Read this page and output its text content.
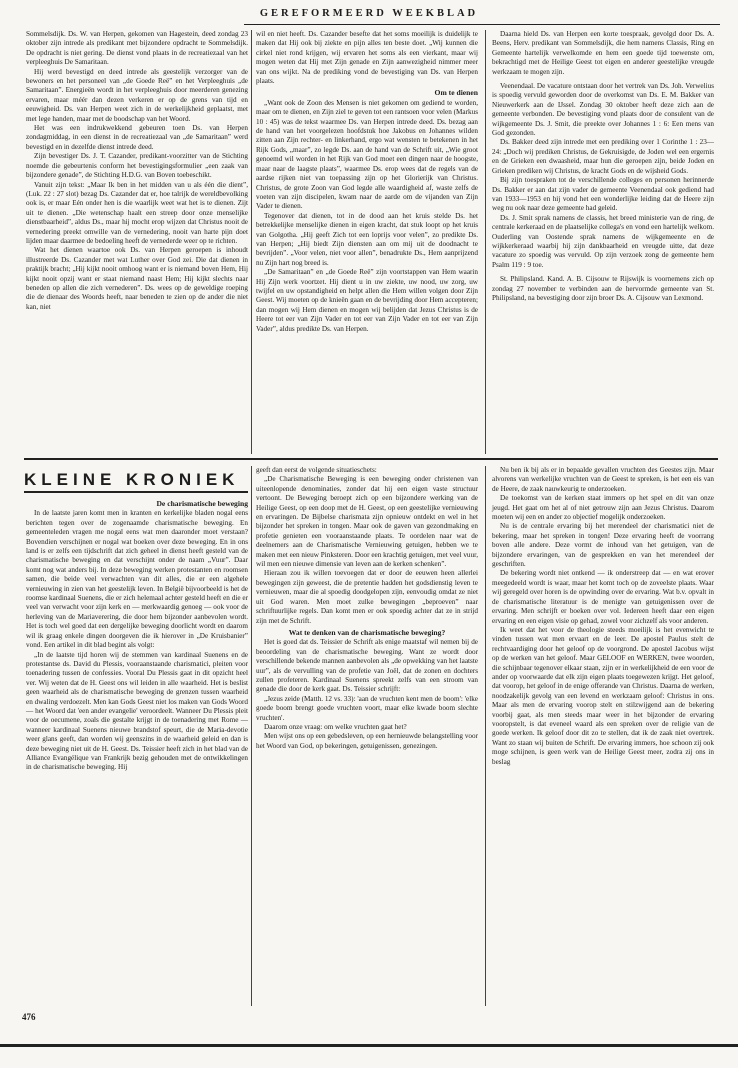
GEREFORMEERD WEEKBLAD

Sommelsdijk. Ds. W. van Herpen, gekomen van Hagestein, deed zondag 23 oktober zijn intrede als predikant met bijzondere opdracht te Sommelsdijk. De opdracht is niet gering. De dienst vond plaats in de recreatiezaal van het verpleeghuis De Samaritaan.

Hij werd bevestigd en deed intrede als geestelijk verzorger van de bewoners en het personeel van „de Goede Reë” en het Verpleeghuis „de Samaritaan”. Energieën wordt in het verpleeghuis door meerderen genezing ervaren, maar méér dan dezen verkeren er op de grens van tijd en eeuwigheid. Ds. van Herpen weet zich in de werkelijkheid geplaatst, met met lege handen, maar met de boodschap van het Woord.

Het was een indrukwekkend gebeuren toen Ds. van Herpen zondagmiddag, in een dienst in de recreatiezaal van „de Samaritaan” werd bevestigd en in dezelfde dienst intrede deed.

Zijn bevestiger Ds. J. T. Cazander, predikant-voorzitter van de Stichting noemde die gebeurtenis conform het bevestigingsformulier „een zaak van bijzondere genade”, de Stichting H.D.G. van Boven toebeschikt.

Vanuit zijn tekst: „Maar Ik ben in het midden van u als één die dient”, (Luk. 22 : 27 slot) bezag Ds. Cazander dat er, hoe talrijk de wereldbevolking ook is, er maar Eén onder hen is die waarlijk weet wat het is te dienen. Zijt uit te dienen. „Die wetenschap haalt een streep door onze menselijke dienstbaarheid”, aldus Ds., maar hij mocht erop wijzen dat Christus nooit de vernedering preekt omwille van de vernedering, nooit van harte pijn doet lijden maar daarmee de bedoeling heeft de vernederde weer op te richten.

Wat het dienen waartoe ook Ds. van Herpen geroepen is inhoudt illustreerde Ds. Cazander met wat Luther over God zei. Die dat dienen in praktijk bracht; „Hij kijkt nooit omhoog want er is niemand boven Hem, Hij kijkt nooit opzij want er staat niemand naast Hem; Hij kijkt slechts naar beneden op allen die zich vernederen”. Ds. wees op de geweldige roeping die de dienaar des Woords heeft, naar beneden te zien op de ander die niet kan, niet

wil en niet heeft. Ds. Cazander besefte dat het soms moeilijk is duidelijk te maken dat Hij ook bij ziekte en pijn alles ten beste doet. „Wij kunnen die cirkel niet rond krijgen, wij ervaren het soms als een vierkant, maar wij mogen weten dat Hij met Zijn genade en Zijn aanwezigheid nimmer meer van ons wijkt. Na de prediking vond de bevestiging van Ds. van Herpen plaats.

Om te dienen

„Want ook de Zoon des Mensen is niet gekomen om gediend te worden, maar om te dienen, en Zijn ziel te geven tot een rantsoen voor velen (Markus 10 : 45) was de tekst waarmee Ds. van Herpen intrede deed. Ds. bezag aan de hand van het voorgelezen hoofdstuk hoe Jakobus en Johannes wilden zitten aan Zijn rechter- en linkerhand, ergo wat wensten te betekenen in het Rijk Gods, „maar”, zo legde Ds. aan de hand van de Schrift uit, „Wie groot genoemd wil worden in het Rijk van God moet een dingen naar de hoogste, maar naar de laagste plaats”, waarmee Ds. erop wees dat de regels van de aardse rijken niet van toepassing zijn op het Glorierijk van Christus. Christus, de grote Zoon van God legde alle waardigheid af, waste zelfs de voeten van zijn discipelen, kwam naar de aarde om de vijanden van Zijn Vader te dienen.

Tegenover dat dienen, tot in de dood aan het kruis stelde Ds. het betrekkelijke menselijke dienen in eigen kracht, dat stuk loopt op het kruis van Golgotha. „Hij geeft Zich tot een loprijs voor velen”, zo predikte Ds. van Herpen; „Hij biedt Zijn diensten aan om mij uit de doodnacht te bevrijden”. „Voor velen, niet voor allen”, benadrukte Ds., Hem aanprijzend nu Zijn hart nog breed is.

„De Samaritaan” en „de Goede Reë” zijn voortstappen van Hem waarin Hij Zijn werk voortzet. Hij dient u in uw ziekte, uw nood, uw zorg, uw twijfel en uw opstandigheid en helpt allen die Hem willen volgen door Zijn Geest. Wij moeten op de knieën gaan en de bevrijding door Hem accepteren; dan mogen wij Hem dienen en mogen wij belijden dat Jezus Christus is de Heere tot eer van Zijn Vader en tot eer van Zijn Vader en tot eer van Zijn Vader”, aldus predikte Ds. van Herpen.

Daarna hield Ds. van Herpen een korte toespraak, gevolgd door Ds. A. Beens, Herv. predikant van Sommelsdijk, die hem namens Classis, Ring en Gemeente hartelijk verwelkomde en hem een goede tijd toewenste om, bekrachtigd met de Heilige Geest tot eigen en anderer geestelijke vreugde werkzaam te mogen zijn.

Veenendaal. De vacature ontstaan door het vertrek van Ds. Joh. Verwelius is spoedig vervuld geworden door de overkomst van Ds. E. M. Bakker van Nieuwerkerk aan de IJssel. Zondag 30 oktober heeft deze zich aan de gemeente verbonden. De bevestiging vond plaats door de consulent van de wijkgemeente Ds. J. Smit, die preekte over Johannes 1 : 6: Een mens van God gezonden.

Ds. Bakker deed zijn intrede met een prediking over 1 Corinthe 1 : 23—24: „Doch wij prediken Christus, de Gekruisigde, de Joden wel een ergernis en de Grieken een dwaasheid, maar hun die geroepen zijn, beide Joden en Grieken prediken wij Christus, de kracht Gods en de wijsheid Gods.

Bij zijn toespraken tot de verschillende colleges en personen herinnerde Ds. Bakker er aan dat zijn vader de gemeente Veenendaal ook gediend had van 1933—1953 en hij vond het een wonderlijke leiding dat de Heere zijn weg nu ook naar deze gemeente had geleid.

Ds. J. Smit sprak namens de classis, het breed ministerie van de ring, de centrale kerkeraad en de plaatselijke collega's en vond een hartelijk welkom. Ouderling van Oostende sprak namens de wijkgemeente en de wijkkerkeraad waarbij hij zijn dankbaarheid en vreugde uitte, dat deze vacature zo spoedig was vervuld. Op zijn verzoek zong de gemeente hem Psalm 119 : 9 toe.

St. Philipsland. Kand. A. B. Cijsouw te Rijswijk is voornemens zich op zondag 27 november te verbinden aan de hervormde gemeente van St. Philipsland, na bevestiging door zijn broer Ds. A. Cijsouw van Lexmond.

KLEINE KRONIEK
De charismatische beweging

In de laatste jaren komt men in kranten en kerkelijke bladen nogal eens berichten tegen over de zogenaamde charismatische beweging. En gemeenteleden vragen me nogal eens wat men daaronder moet verstaan? Bovendien verschijnen er nogal wat boeken over deze beweging. En in ons land is er zelfs een tijdschrift dat zich geheel in dienst heeft gesteld van de charismatische beweging en dat verschijnt onder de naam „Vuur”. Daar komt nog wat anders bij. In deze beweging werken protestanten en roomsen samen, die beide veel verwachten van dit alles, die er een algehele vernieuwing in zien van het geestelijk leven. In België bijvoorbeeld is het de roomse kardinaal Suenens, die er zich helemaal achter gesteld heeft en die er veel van verwacht voor zijn kerk en — merkwaardig genoeg — ook voor de herleving van de Mariaverering, die door hem bijzonder aanbevolen wordt. Het is toch wel goed dat een dergelijke beweging doorlicht wordt en daarom wil ik graag enkele dingen doorgeven die ik hierover in „De Kruisbanier” vond. Een artikel in dit blad begint als volgt:

„In de laatste tijd horen wij de stemmen van kardinaal Suenens en de protestantse ds. David du Plessis, vooraanstaande charismatici, pleiten voor toenadering tussen de confessies. Vooral Du Plessis gaat in dit opzicht heel ver. Wij weten dat de H. Geest ons wil leiden in alle waarheid. Het is beslist geen waarheid als de charismatische beweging de grenzen tussen waarheid en dwaling verdoezelt. Men kan Gods Geest niet los maken van Gods Woord — het Woord dat 'een ander evangelie' veroordeelt. Wanneer Du Plessis pleit voor de oecumene, zoals die gestalte krijgt in de toenadering met Rome — wanneer kardinaal Suenens nieuwe brandstof speurt, die de Maria-devotie weer glans geeft, dan worden wij geenszins in de waarheid geleid en dan is deze beweging niet uit de H. Geest. Ds. Teissier heeft zich in het blad van de Alliance Evangélique van Frankrijk bezig gehouden met de ontwikkelingen in de charismatische beweging. Hij

geeft dan eerst de volgende situatieschets:

„De Charismatische Beweging is een beweging onder christenen van uiteenlopende denominaties, zonder dat hij een eigen vaste structuur vertoont. De Beweging beroept zich op een bijzondere werking van de Heilige Geest, op een doop met de H. Geest, op een geestelijke vernieuwing en ervaringen. De Bijbelse charismata zijn opnieuw ontdekt en wel in het bijzonder het spreken in tongen. Maar ook de gaven van gezondmaking en profetie genieten een vooraanstaande plaats. Te oordelen naar wat de deelnemers aan de Charismatische Vernieuwing getuigen, hebben we te maken met een nieuw Pinksteren. Door een krachtig getuigen, met veel vuur, wil men een nieuwe dimensie van leven aan de kerken schenken”.

Hieraan zou ik willen toevoegen dat er door de eeuwen heen allerlei bewegingen zijn geweest, die de pretentie hadden het godsdienstig leven te vernieuwen, maar die al spoedig doodgelopen zijn, eenvoudig omdat ze niet uit God waren. Men moet zulke bewegingen „beproeven” naar schriftuurlijke regels. Dan komt men er ook spoedig achter dat ze in strijd zijn met de Schrift.

Wat te denken van de charismatische beweging?

Het is goed dat ds. Teissier de Schrift als enige maatstaf wil nemen bij de beoordeling van de charismatische beweging. Want ze wordt door verschillende bekende mannen aanbevolen als „de opwekking van het laatste uur”, als de vervulling van de profetie van Joël, dat de zonen en dochters zullen profeteren. Kardinaal Suenens spreekt zelfs van een stroom van genade die door de kerk gaat. Ds. Teissier schrijft:

„Jezus zeide (Matth. 12 vs. 33): 'aan de vruchten kent men de boom': 'elke goede boom brengt goede vruchten voort, maar elke kwade boom slechte vruchten'.

Daarom onze vraag: om welke vruchten gaat het?

Men wijst ons op een gebedsleven, op een hernieuwde belangstelling voor het Woord van God, op bekeringen, getuigenissen, genezingen.

Nu ben ik bij als er in bepaalde gevallen vruchten des Geestes zijn. Maar alvorens van werkelijke vruchten van de Geest te spreken, is het een eis van de Heere, de zaak nauwkeurig te onderzoeken.

De toekomst van de kerken staat immers op het spel en dit van onze jeugd. Het gaat om het al of niet getrouw zijn aan Jezus Christus. Daarom moeten wij een en ander zo objectief mogelijk onderzoeken.

Nu is de centrale ervaring bij het merendeel der charismatici niet de bekering, maar het spreken in tongen! Deze ervaring heeft de voorrang boven alle andere. Deze vormt de inhoud van het getuigen, van de bijzondere ervaringen, van de gesprekken en van het merendeel der geschriften.

De bekering wordt niet ontkend — ik onderstreep dat — en wat erover meegedeeld wordt is waar, maar het komt toch op de zoveelste plaats. Waar wij geregeld over horen is de opwinding over de ervaring. Wat b.v. opvalt in de charismatische literatuur is de menigte van getuigenissen over de ervaring. Men schrijft er boeken over vol. Iedereen heeft daar een eigen ervaring en een eigen visie op gehad, zowel voor zichzelf als voor anderen.

Ik weet dat het voor de theologie steeds moeilijk is het evenwicht te vinden tussen wat men ervaart en de leer. De apostel Paulus stelt de rechtvaardiging door het geloof op de voorgrond. De apostel Jacobus wijst op de werken van het geloof. Maar GELOOF en WERKEN, twee woorden, die schijnbaar tegenover elkaar staan, zijn er in werkelijkheid de een voor de ander op voorwaarde dat elk zijn eigen plaats toegewezen krijgt. Het geloof, dat voorop, het geloof in de enige offerande van Christus. Daarna de werken, noodzakelijk gevolg van een levend en werkzaam geloof: Christus in ons. Maar als men de ervaring voorop stelt en stilzwijgend aan de bekering voorbij gaat, als men steeds maar weer in het bijzonder de ervaring vooropstelt, is dat eveneel waard als een spreken over de religie van de goede werken. Ik geloof door dit zo te stellen, dat ik de zaak niet overtrek. Want zo staan wij buiten de Schrift. De ervaring immers, hoe schoon zij ook moge schijnen, is geen werk van de Heilige Geest meer, zodra zij ons in beslag

476
